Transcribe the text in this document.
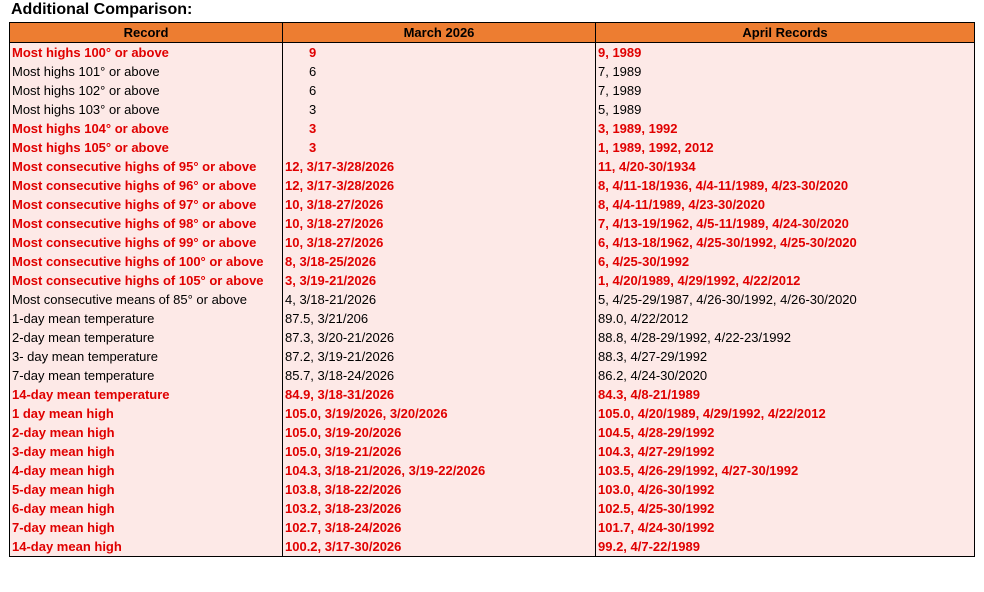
Additional Comparison:
Record	March 2026	April Records
Most highs 100° or above	9	9, 1989
Most highs 101° or above	6	7, 1989
Most highs 102° or above	6	7, 1989
Most highs 103° or above	3	5, 1989
Most highs 104° or above	3	3, 1989, 1992
Most highs 105° or above	3	1, 1989, 1992, 2012
Most consecutive highs of 95° or above	12, 3/17-3/28/2026	11, 4/20-30/1934
Most consecutive highs of 96° or above	12, 3/17-3/28/2026	8, 4/11-18/1936, 4/4-11/1989, 4/23-30/2020
Most consecutive highs of 97° or above	10, 3/18-27/2026	8, 4/4-11/1989, 4/23-30/2020
Most consecutive highs of 98° or above	10, 3/18-27/2026	7, 4/13-19/1962, 4/5-11/1989, 4/24-30/2020
Most consecutive highs of 99° or above	10, 3/18-27/2026	6, 4/13-18/1962, 4/25-30/1992, 4/25-30/2020
Most consecutive highs of 100° or above	8, 3/18-25/2026	6, 4/25-30/1992
Most consecutive highs of 105° or above	3, 3/19-21/2026	1, 4/20/1989, 4/29/1992, 4/22/2012
Most consecutive means of 85° or above	4, 3/18-21/2026	5, 4/25-29/1987, 4/26-30/1992, 4/26-30/2020
1-day mean temperature	87.5, 3/21/206	89.0, 4/22/2012
2-day mean temperature	87.3, 3/20-21/2026	88.8, 4/28-29/1992, 4/22-23/1992
3- day mean temperature	87.2, 3/19-21/2026	88.3, 4/27-29/1992
7-day mean temperature	85.7, 3/18-24/2026	86.2, 4/24-30/2020
14-day mean temperature	84.9, 3/18-31/2026	84.3, 4/8-21/1989
1 day mean high	105.0, 3/19/2026, 3/20/2026	105.0, 4/20/1989, 4/29/1992, 4/22/2012
2-day mean high	105.0, 3/19-20/2026	104.5, 4/28-29/1992
3-day mean high	105.0, 3/19-21/2026	104.3, 4/27-29/1992
4-day mean high	104.3, 3/18-21/2026, 3/19-22/2026	103.5, 4/26-29/1992, 4/27-30/1992
5-day mean high	103.8, 3/18-22/2026	103.0, 4/26-30/1992
6-day mean high	103.2, 3/18-23/2026	102.5, 4/25-30/1992
7-day mean high	102.7, 3/18-24/2026	101.7, 4/24-30/1992
14-day mean high	100.2, 3/17-30/2026	99.2, 4/7-22/1989
